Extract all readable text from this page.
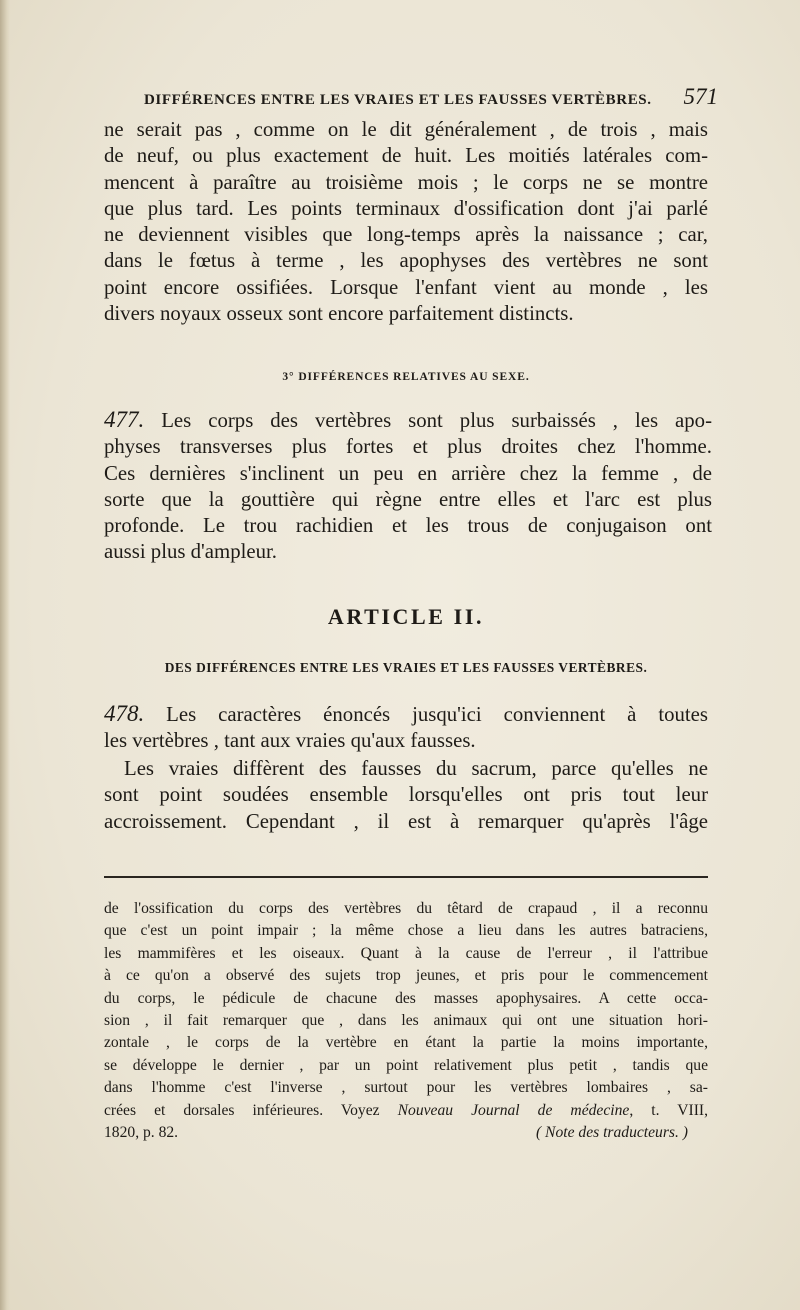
DIFFÉRENCES ENTRE LES VRAIES ET LES FAUSSES VERTÈBRES. 571
ne serait pas , comme on le dit généralement , de trois , mais
de neuf, ou plus exactement de huit. Les moitiés latérales com-
mencent à paraître au troisième mois ; le corps ne se montre
que plus tard. Les points terminaux d'ossification dont j'ai parlé
ne deviennent visibles que long-temps après la naissance ; car,
dans le fœtus à terme , les apophyses des vertèbres ne sont
point encore ossifiées. Lorsque l'enfant vient au monde , les
divers noyaux osseux sont encore parfaitement distincts.
3° DIFFÉRENCES RELATIVES AU SEXE.
477. Les corps des vertèbres sont plus surbaissés , les apo-
physes transverses plus fortes et plus droites chez l'homme.
Ces dernières s'inclinent un peu en arrière chez la femme , de
sorte que la gouttière qui règne entre elles et l'arc est plus
profonde. Le trou rachidien et les trous de conjugaison ont
aussi plus d'ampleur.
ARTICLE II.
DES DIFFÉRENCES ENTRE LES VRAIES ET LES FAUSSES VERTÈBRES.
478. Les caractères énoncés jusqu'ici conviennent à toutes
les vertèbres , tant aux vraies qu'aux fausses.
Les vraies diffèrent des fausses du sacrum, parce qu'elles ne
sont point soudées ensemble lorsqu'elles ont pris tout leur
accroissement. Cependant , il est à remarquer qu'après l'âge
de l'ossification du corps des vertèbres du têtard de crapaud , il a reconnu
que c'est un point impair ; la même chose a lieu dans les autres batraciens,
les mammifères et les oiseaux. Quant à la cause de l'erreur , il l'attribue
à ce qu'on a observé des sujets trop jeunes, et pris pour le commencement
du corps, le pédicule de chacune des masses apophysaires. A cette occa-
sion , il fait remarquer que , dans les animaux qui ont une situation hori-
zontale , le corps de la vertèbre en étant la partie la moins importante,
se développe le dernier , par un point relativement plus petit , tandis que
dans l'homme c'est l'inverse , surtout pour les vertèbres lombaires , sa-
crées et dorsales inférieures. Voyez Nouveau Journal de médecine, t. VIII,
1820, p. 82.	( Note des traducteurs. )
